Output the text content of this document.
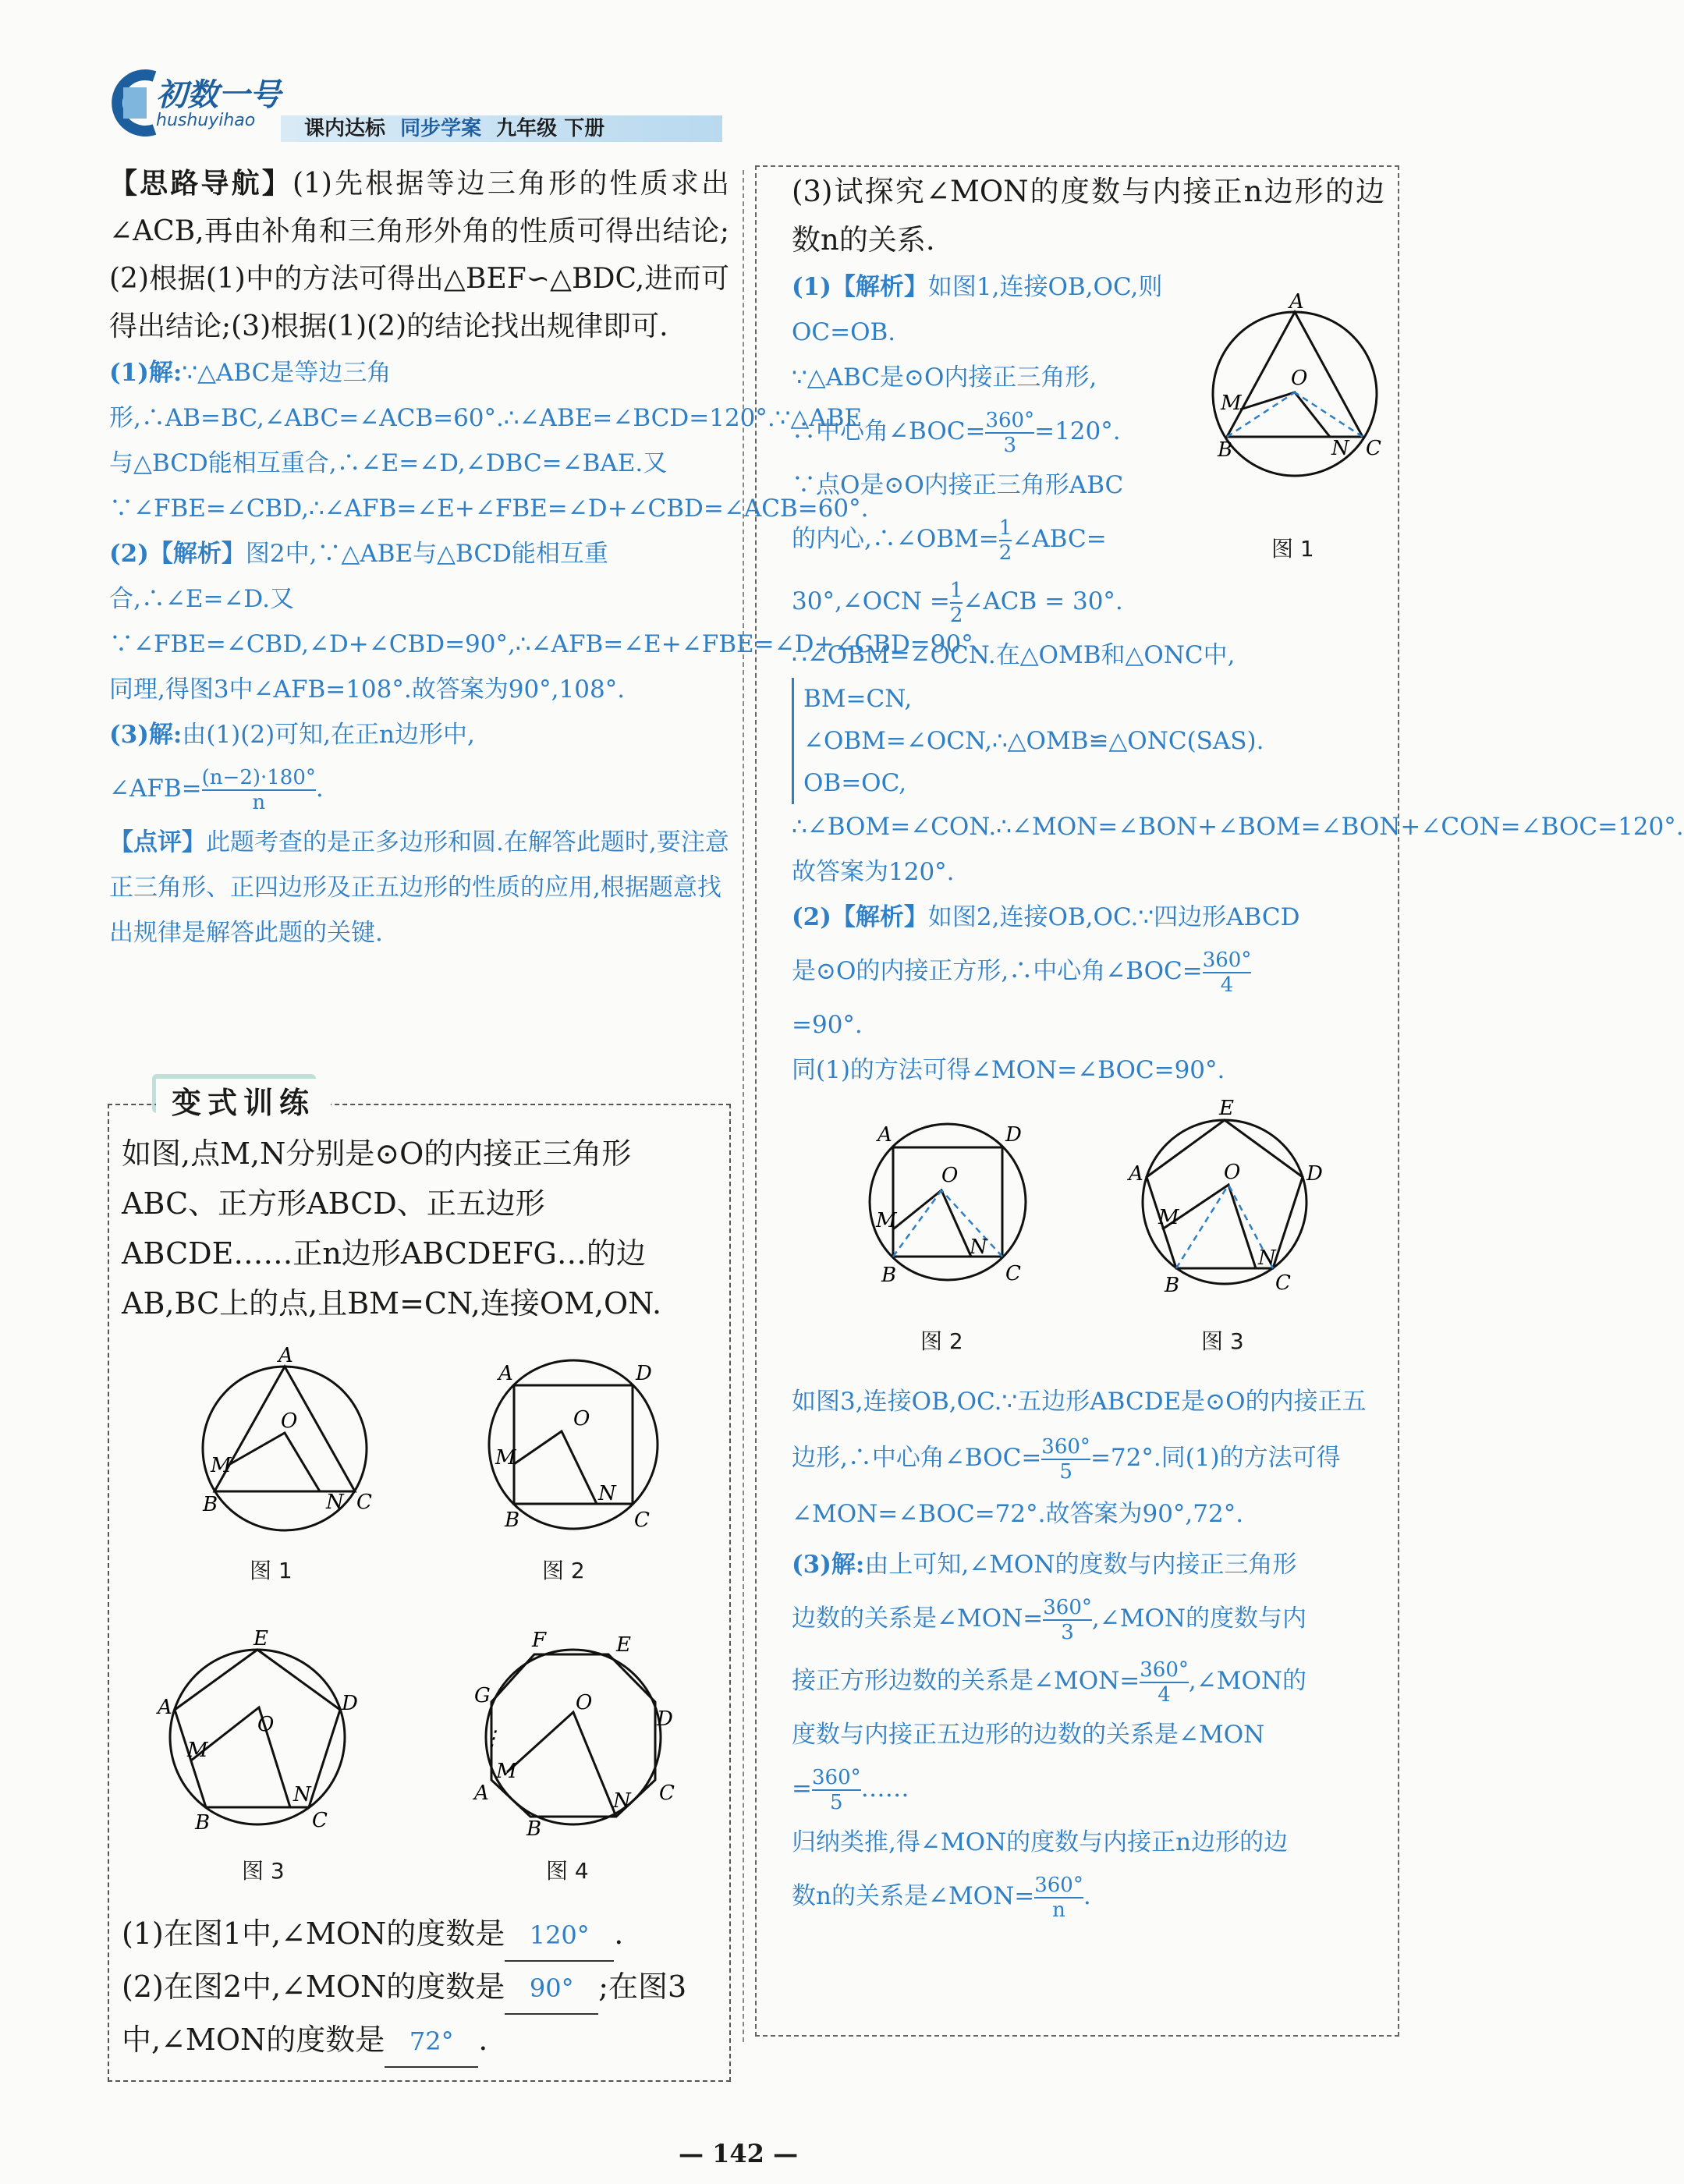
初数一号
hushuyihao 课内达标 同步学案 九年级 下册

【思路导航】(1)先根据等边三角形的性质求出∠ACB,再由补角和三角形外角的性质可得出结论;(2)根据(1)中的方法可得出△BEF∽△BDC,进而可得出结论;(3)根据(1)(2)的结论找出规律即可.

(1)解:∵△ABC是等边三角形,∴AB=BC,∠ABC=∠ACB=60°.∴∠ABE=∠BCD=120°.∵△ABE与△BCD能相互重合,∴∠E=∠D,∠DBC=∠BAE.又∵∠FBE=∠CBD,∴∠AFB=∠E+∠FBE=∠D+∠CBD=∠ACB=60°.

(2)【解析】图2中,∵△ABE与△BCD能相互重合,∴∠E=∠D.又∵∠FBE=∠CBD,∠D+∠CBD=90°,∴∠AFB=∠E+∠FBE=∠D+∠CBD=90°.同理,得图3中∠AFB=108°.故答案为90°,108°.

(3)解:由(1)(2)可知,在正n边形中,

∠AFB= $\frac{(n-2)\cdot 180^\circ}{n}$ .

【点评】此题考查的是正多边形和圆.在解答此题时,要注意正三角形、正四边形及正五边形的性质的应用,根据题意找出规律是解答此题的关键.

变式训练
如图,点M,N分别是⊙O的内接正三角形ABC、正方形ABCD、正五边形ABCDE……正n边形ABCDEFG…的边AB,BC上的点,且BM=CN,连接OM,ON.
A
B	C
M
N
O
图 1
A	D
B	C
M
N
O
图 2
E
D
A
B	C
M
N
O
图 3
F	E
D
G
A	C
B
M
N
O
⋮
图 4
(1)在图1中,∠MON的度数是 120° .
(2)在图2中,∠MON的度数是 90° ;在图3中,∠MON的度数是 72° .

(3)试探究∠MON的度数与内接正n边形的边数n的关系.

(1)【解析】如图1,连接OB,OC,则OC=OB.
∵△ABC是⊙O内接正三角形,
∴中心角∠BOC= $\frac{360^\circ}{3} =120^\circ$.
∵点O是⊙O内接正三角形ABC
的内心,∴∠OBM= $\frac{1}{2}$ ∠ABC=
A
B	C
M
N
O
图 1
30°,∠OCN = $\frac{1}{2}$ ∠ACB = 30°.
∴∠OBM=∠OCN.在△OMB和△ONC中,
BM=CN,
∠OBM=∠OCN,∴△OMB≌△ONC(SAS).
OB=OC,
∴∠BOM=∠CON.∴∠MON=∠BON+∠BOM=∠BON+∠CON=∠BOC=120°.故答案为120°.
(2)【解析】如图2,连接OB,OC.∵四边形ABCD
是⊙O的内接正方形,∴中心角∠BOC= $\frac{360^\circ}{4}$
=90°.
同(1)的方法可得∠MON=∠BOC=90°.
A	D
B	C
M
N
O
图 2
E
D
A
B	C
M
N
O
图 3
如图3,连接OB,OC.∵五边形ABCDE是⊙O的内接正五边形,∴中心角∠BOC= $\frac{360^\circ}{5} =72^\circ$.同(1)的方法可得∠MON=∠BOC=72°.故答案为90°,72°.
(3)解:由上可知,∠MON的度数与内接正三角形
边数的关系是∠MON= $\frac{360^\circ}{3}$ ,∠MON的度数与内
接正方形边数的关系是∠MON= $\frac{360^\circ}{4}$ ,∠MON的
度数与内接正五边形的边数的关系是∠MON
= $\frac{360^\circ}{5}$ ……
归纳类推,得∠MON的度数与内接正n边形的边
数n的关系是∠MON= $\frac{360^\circ}{n}$ .
— 142 —
